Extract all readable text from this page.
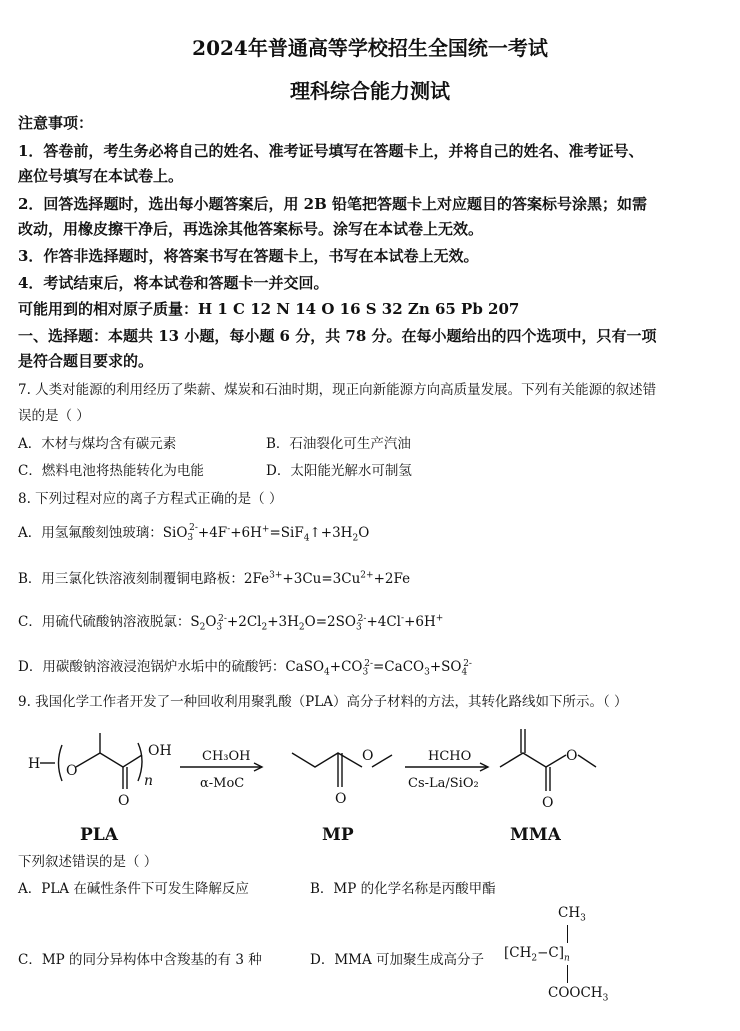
2024年普通高等学校招生全国统一考试
理科综合能力测试
注意事项：
1．答卷前，考生务必将自己的姓名、准考证号填写在答题卡上，并将自己的姓名、准考证号、
座位号填写在本试卷上。
2．回答选择题时，选出每小题答案后，用 2B 铅笔把答题卡上对应题目的答案标号涂黑；如需
改动，用橡皮擦干净后，再选涂其他答案标号。涂写在本试卷上无效。
3．作答非选择题时，将答案书写在答题卡上，书写在本试卷上无效。
4．考试结束后，将本试卷和答题卡一并交回。
可能用到的相对原子质量：H 1 C 12 N 14 O 16 S 32 Zn 65 Pb 207
一、选择题：本题共 13 小题，每小题 6 分，共 78 分。在每小题给出的四个选项中，只有一项
是符合题目要求的。
7. 人类对能源的利用经历了柴薪、煤炭和石油时期，现正向新能源方向高质量发展。下列有关能源的叙述错
误的是（ ）
A．木材与煤均含有碳元素	B．石油裂化可生产汽油
C．燃料电池将热能转化为电能	D．太阳能光解水可制氢
8. 下列过程对应的离子方程式正确的是（ ）
A．用氢氟酸刻蚀玻璃：$SiO_3^{2-}+4F^-+6H^+=SiF_4↑+3H_2O$
B．用三氯化铁溶液刻制覆铜电路板：$2Fe^{3+}+3Cu=3Cu^{2+}+2Fe$
C．用硫代硫酸钠溶液脱氯：$S_2O_3^{2-}+2Cl_2+3H_2O=2SO_3^{2-}+4Cl^-+6H^+$
D．用碳酸钠溶液浸泡锅炉水垢中的硫酸钙：$CaSO_4+CO_3^{2-}=CaCO_3+SO_4^{2-}$
9. 我国化学工作者开发了一种回收利用聚乳酸（PLA）高分子材料的方法，其转化路线如下所示。（ ）
H O
O
OH
n
CH₃OH
α-MoC
O
O	HCHO
Cs-La/SiO₂
O
O
PLA	MP	MMA
下列叙述错误的是（ ）
A．PLA 在碱性条件下可发生降解反应	B．MP 的化学名称是丙酸甲酯
C．MP 的同分异构体中含羧基的有 3 种	D．MMA 可加聚生成高分子
$CH_3$
$[CH_2-C]_n$
$COOCH_3$
